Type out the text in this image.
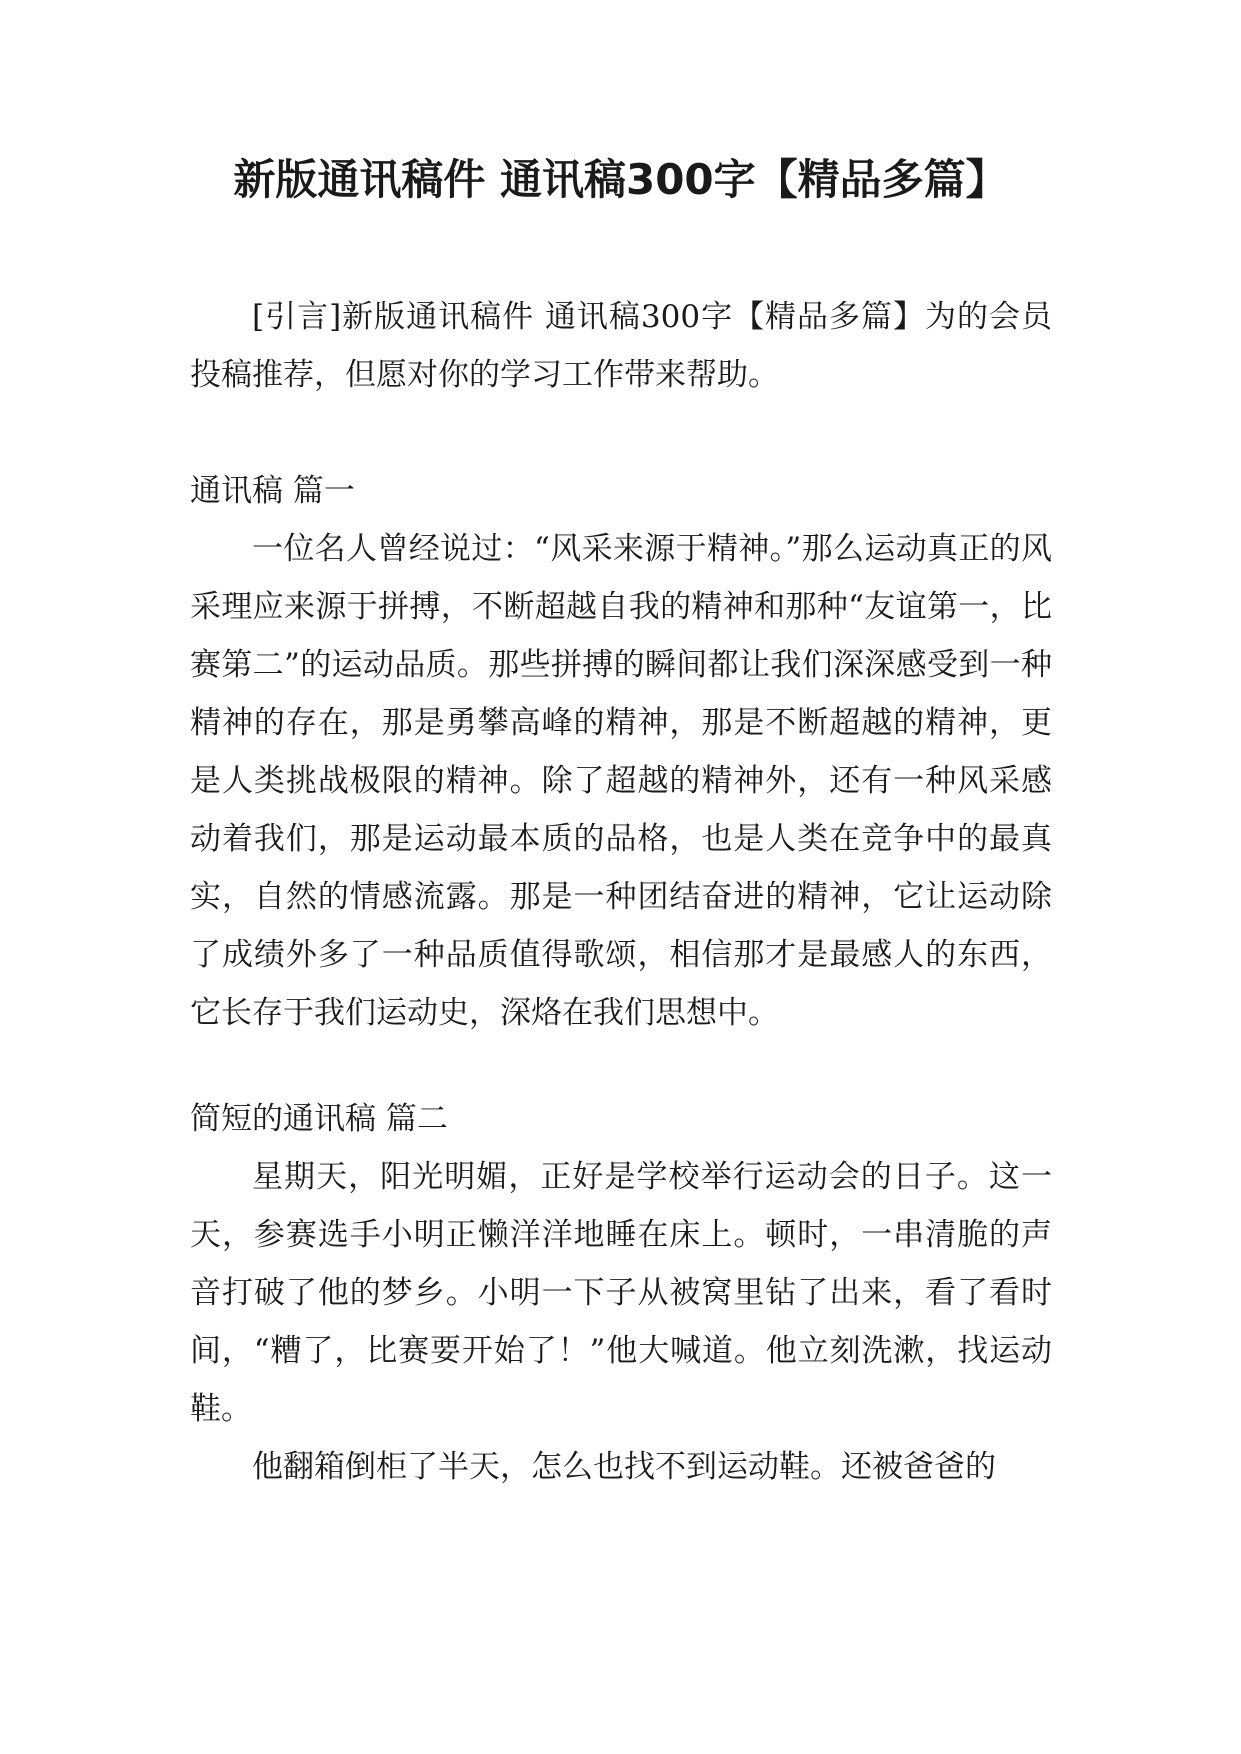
新版通讯稿件 通讯稿300字【精品多篇】

[引言]新版通讯稿件 通讯稿300字【精品多篇】为的会员投稿推荐，但愿对你的学习工作带来帮助。

通讯稿 篇一

一位名人曾经说过：“风采来源于精神。”那么运动真正的风采理应来源于拼搏，不断超越自我的精神和那种“友谊第一，比赛第二”的运动品质。那些拼搏的瞬间都让我们深深感受到一种精神的存在，那是勇攀高峰的精神，那是不断超越的精神，更是人类挑战极限的精神。除了超越的精神外，还有一种风采感动着我们，那是运动最本质的品格，也是人类在竞争中的最真实，自然的情感流露。那是一种团结奋进的精神，它让运动除了成绩外多了一种品质值得歌颂，相信那才是最感人的东西，它长存于我们运动史，深烙在我们思想中。

简短的通讯稿 篇二

星期天，阳光明媚，正好是学校举行运动会的日子。这一天，参赛选手小明正懒洋洋地睡在床上。顿时，一串清脆的声音打破了他的梦乡。小明一下子从被窝里钻了出来，看了看时间，“糟了，比赛要开始了！”他大喊道。他立刻洗漱，找运动鞋。

他翻箱倒柜了半天，怎么也找不到运动鞋。还被爸爸的
